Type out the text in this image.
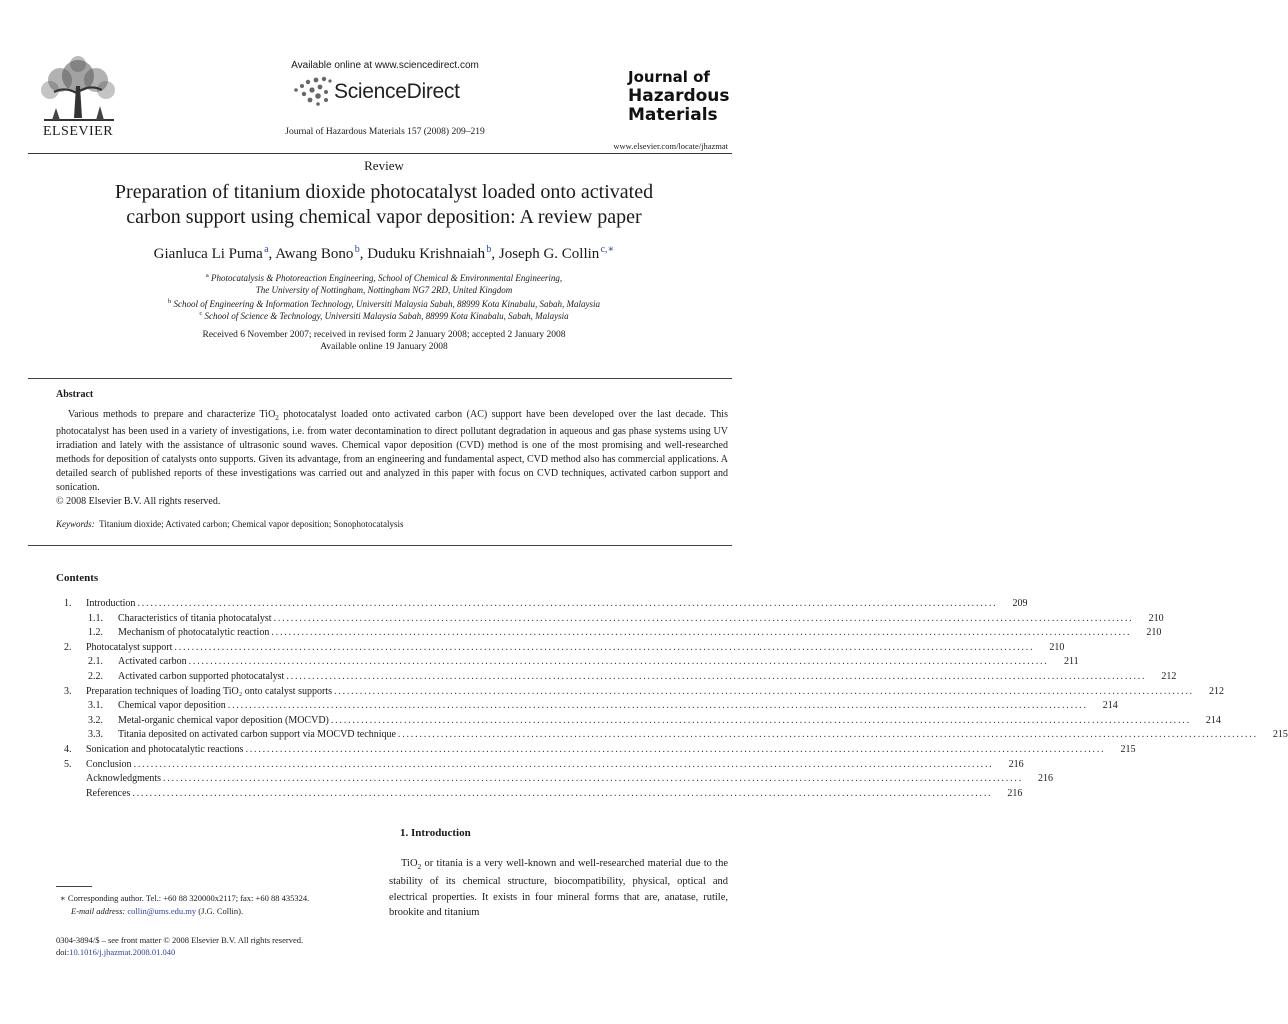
ELSEVIER
Available online at www.sciencedirect.com
ScienceDirect
Journal of Hazardous Materials 157 (2008) 209–219
Journal of
Hazardous
Materials
www.elsevier.com/locate/jhazmat
Review
Preparation of titanium dioxide photocatalyst loaded onto activated
carbon support using chemical vapor deposition: A review paper
Gianluca Li Puma $^a$, Awang Bono $^b$, Duduku Krishnaiah $^b$, Joseph G. Collin $^{c,∗}$
$^a$ Photocatalysis & Photoreaction Engineering, School of Chemical & Environmental Engineering,
The University of Nottingham, Nottingham NG7 2RD, United Kingdom
$^b$ School of Engineering & Information Technology, Universiti Malaysia Sabah, 88999 Kota Kinabalu, Sabah, Malaysia
$^c$ School of Science & Technology, Universiti Malaysia Sabah, 88999 Kota Kinabalu, Sabah, Malaysia
Received 6 November 2007; received in revised form 2 January 2008; accepted 2 January 2008
Available online 19 January 2008
Abstract

Various methods to prepare and characterize TiO$_2$ photocatalyst loaded onto activated carbon (AC) support have been developed over the last decade. This photocatalyst has been used in a variety of investigations, i.e. from water decontamination to direct pollutant degradation in aqueous and gas phase systems using UV irradiation and lately with the assistance of ultrasonic sound waves. Chemical vapor deposition (CVD) method is one of the most promising and well-researched methods for deposition of catalysts onto supports. Given its advantage, from an engineering and fundamental aspect, CVD method also has commercial applications. A detailed search of published reports of these investigations was carried out and analyzed in this paper with focus on CVD techniques, activated carbon support and sonication.

© 2008 Elsevier B.V. All rights reserved.
Keywords: Titanium dioxide; Activated carbon; Chemical vapor deposition; Sonophotocatalysis
Contents
1.	Introduction ........................................................................................................................................................................................................	209
1.1.	Characteristics of titania photocatalyst ........................................................................................................................................................................................................	210
1.2.	Mechanism of photocatalytic reaction ........................................................................................................................................................................................................	210
2.	Photocatalyst support ........................................................................................................................................................................................................	210
2.1.	Activated carbon ........................................................................................................................................................................................................	211
2.2.	Activated carbon supported photocatalyst ........................................................................................................................................................................................................	212
3.	Preparation techniques of loading TiO₂ onto catalyst supports ........................................................................................................................................................................................................	212
3.1.	Chemical vapor deposition ........................................................................................................................................................................................................	214
3.2.	Metal-organic chemical vapor deposition (MOCVD) ........................................................................................................................................................................................................	214
3.3.	Titania deposited on activated carbon support via MOCVD technique ........................................................................................................................................................................................................	215
4.	Sonication and photocatalytic reactions ........................................................................................................................................................................................................	215
5.	Conclusion ........................................................................................................................................................................................................	216
Acknowledgments ........................................................................................................................................................................................................	216
References ........................................................................................................................................................................................................	216
1. Introduction

TiO$_2$ or titania is a very well-known and well-researched material due to the stability of its chemical structure, biocompatibility, physical, optical and electrical properties. It exists in four mineral forms that are, anatase, rutile, brookite and titanium

∗ Corresponding author. Tel.: +60 88 320000x2117; fax: +60 88 435324.
E-mail address: collin@ums.edu.my (J.G. Collin).
0304-3894/$ – see front matter © 2008 Elsevier B.V. All rights reserved.
doi:10.1016/j.jhazmat.2008.01.040
